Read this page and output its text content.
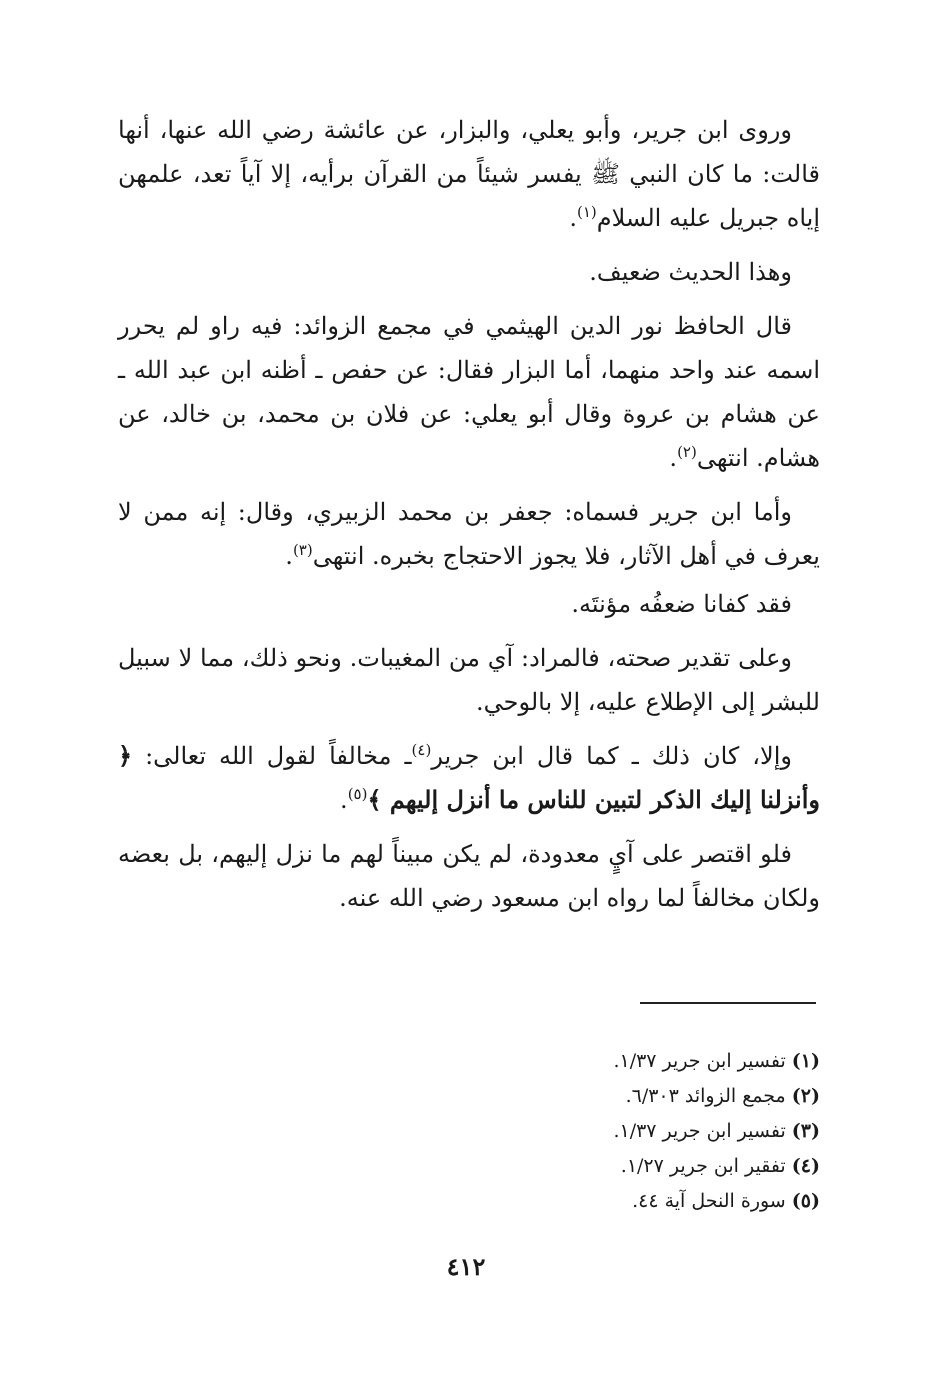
وروى ابن جرير، وأبو يعلي، والبزار، عن عائشة رضي الله عنها، أنها قالت: ما كان النبي ﷺ يفسر شيئاً من القرآن برأيه، إلا آياً تعد، علمهن إياه جبريل عليه السلام$^{(١)}$.

وهذا الحديث ضعيف.

قال الحافظ نور الدين الهيثمي في مجمع الزوائد: فيه راو لم يحرر اسمه عند واحد منهما، أما البزار فقال: عن حفص ـ أظنه ابن عبد الله ـ عن هشام بن عروة وقال أبو يعلي: عن فلان بن محمد، بن خالد، عن هشام. انتهى$^{(٢)}$.

وأما ابن جرير فسماه: جعفر بن محمد الزبيري، وقال: إنه ممن لا يعرف في أهل الآثار، فلا يجوز الاحتجاج بخبره. انتهى$^{(٣)}$.

فقد كفانا ضعفُه مؤنتَه.

وعلى تقدير صحته، فالمراد: آي من المغيبات. ونحو ذلك، مما لا سبيل للبشر إلى الإطلاع عليه، إلا بالوحي.

وإلا، كان ذلك ـ كما قال ابن جرير$^{(٤)}$ـ مخالفاً لقول الله تعالى: ﴿ وأنزلنا إليك الذكر لتبين للناس ما أنزل إليهم ﴾$^{(٥)}$.

فلو اقتصر على آيٍ معدودة، لم يكن مبيناً لهم ما نزل إليهم، بل بعضه ولكان مخالفاً لما رواه ابن مسعود رضي الله عنه.

(١) تفسير ابن جرير ١/٣٧.

(٢) مجمع الزوائد ٦/٣٠٣.

(٣) تفسير ابن جرير ١/٣٧.

(٤) تفقير ابن جرير ١/٢٧.

(٥) سورة النحل آية ٤٤.

٤١٢
